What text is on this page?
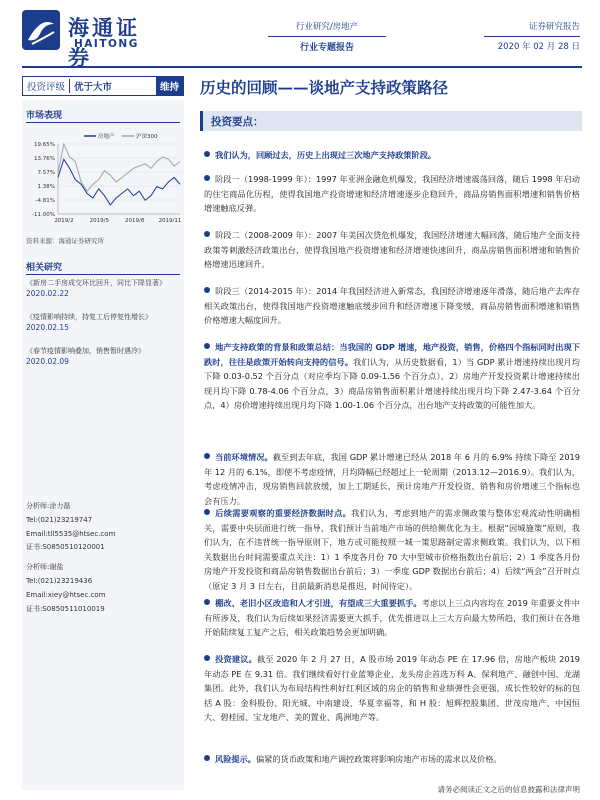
海通证券
HAITONG
行业研究/房地产
行业专题报告
证券研究报告
2020 年 02 月 28 日
投资评级 优于大市	维持 历史的回顾——谈地产支持政策路径
市场表现
房地产	沪深300
19.65%
13.76%
7.57%
1.38%
-4.81%
-11.00%
2019/2	2019/5	2019/8	2019/11
资料来源：海通证券研究所
相关研究
《新房二手房成交环比回升，同比下降显著》
2020.02.22
《疫情影响持续，持复工后停复性增长》
2020.02.15
《春节疫情影响叠加，销售暂时遇冷》
2020.02.09
分析师:涂力磊
Tel:(021)23219747
Email:tll5535@htsec.com
证书:S0850510120001
分析师:谢盐
Tel:(021)23219436
Email:xiey@htsec.com
证书:S0850511010019
投资要点：
我们认为，回顾过去，历史上出现过三次地产支持政策阶段。
阶段一（1998-1999 年）：1997 年亚洲金融危机爆发，我国经济增速震荡回落，随后 1998 年启动的住宅商品化历程，使得我国地产投资增速和经济增速逐步企稳回升，商品房销售面积增速和销售价格增速触底反弹。
阶段二（2008-2009 年）：2007 年美国次贷危机爆发，我国经济增速大幅回落，随后地产全面支持政策等刺激经济政策出台，使得我国地产投资增速和经济增速快速回升，商品房销售面积增速和销售价格增速迅速回升。
阶段三（2014-2015 年）：2014 年我国经济进入新常态，我国经济增速逐年滑落，随后地产去库存相关政策出台，使得我国地产投资增速触底缓步回升和经济增速下降变缓，商品房销售面积增速和销售价格增速大幅度回升。
地产支持政策的背景和政策总结：当我国的 GDP 增速，地产投资，销售，价格四个指标同时出现下跌时，往往是政策开始转向支持的信号。我们认为，从历史数据看，1）当 GDP 累计增速持续出现月均下降 0.03-0.52 个百分点（对应季均下降 0.09-1.56 个百分点），2）房地产开发投资累计增速持续出现月均下降 0.78-4.06 个百分点，3）商品房销售面积累计增速持续出现月均下降 2.47-3.64 个百分点，4）房价增速持续出现月均下降 1.00-1.06 个百分点，出台地产支持政策的可能性加大。
当前环境情况。截至到去年底，我国 GDP 累计增速已经从 2018 年 6 月的 6.9% 持续下降至 2019 年 12 月的 6.1%，即使不考虑疫情，月均降幅已经超过上一轮周期（2013.12—2016.9）。我们认为，考虑疫情冲击，现房销售回款放缓，加上工期延长，预计房地产开发投资、销售和房价增速三个指标也会有压力。
后续需要观察的重要经济数据时点。我们认为，考虑到地产的需求侧政策与整体宏观流动性明确相关，需要中央层面进行统一指导，我们预计当前地产市场的供给侧优化为主。根据“因城施策”原则，我们认为，在不违背统一指导原则下，地方或可能按照一城一策思路制定需求侧政策。我们认为，以下相关数据出台时间需要重点关注：1）1 季度各月份 70 大中型城市价格指数出台前后；2）1 季度各月份房地产开发投资和商品房销售数据出台前后；3）一季度 GDP 数据出台前后；4）后续“两会”召开时点（原定 3 月 3 日左右，目前最新消息是推迟，时间待定）。
棚改、老旧小区改造和人才引进，有望成三大重要抓手。考虑以上三点内容均在 2019 年重要文件中有所涉及，我们认为后续如果经济需要更大抓手，优先推进以上三大方向最大势所趋，我们预计在各地开始陆续复工复产之后，相关政策趋势会更加明确。
投资建议。截至 2020 年 2 月 27 日，A 股市场 2019 年动态 PE 在 17.96 倍，房地产板块 2019 年动态 PE 在 9.31 倍。我们继续看好行业蓝筹企业，龙头房企首选万科 A、保利地产、融创中国、龙湖集团。此外，我们认为布局结构性利好红利区域的房企的销售和业绩弹性会更强，成长性较好的标的包括 A 股：金科股份、阳光城、中南建设、华夏幸福等，和 H 股：旭辉控股集团、世茂房地产、中国恒大、碧桂园、宝龙地产、美的置业、禹洲地产等。
风险提示。偏紧的货币政策和地产调控政策将影响房地产市场的需求以及价格。
请务必阅读正文之后的信息披露和法律声明
